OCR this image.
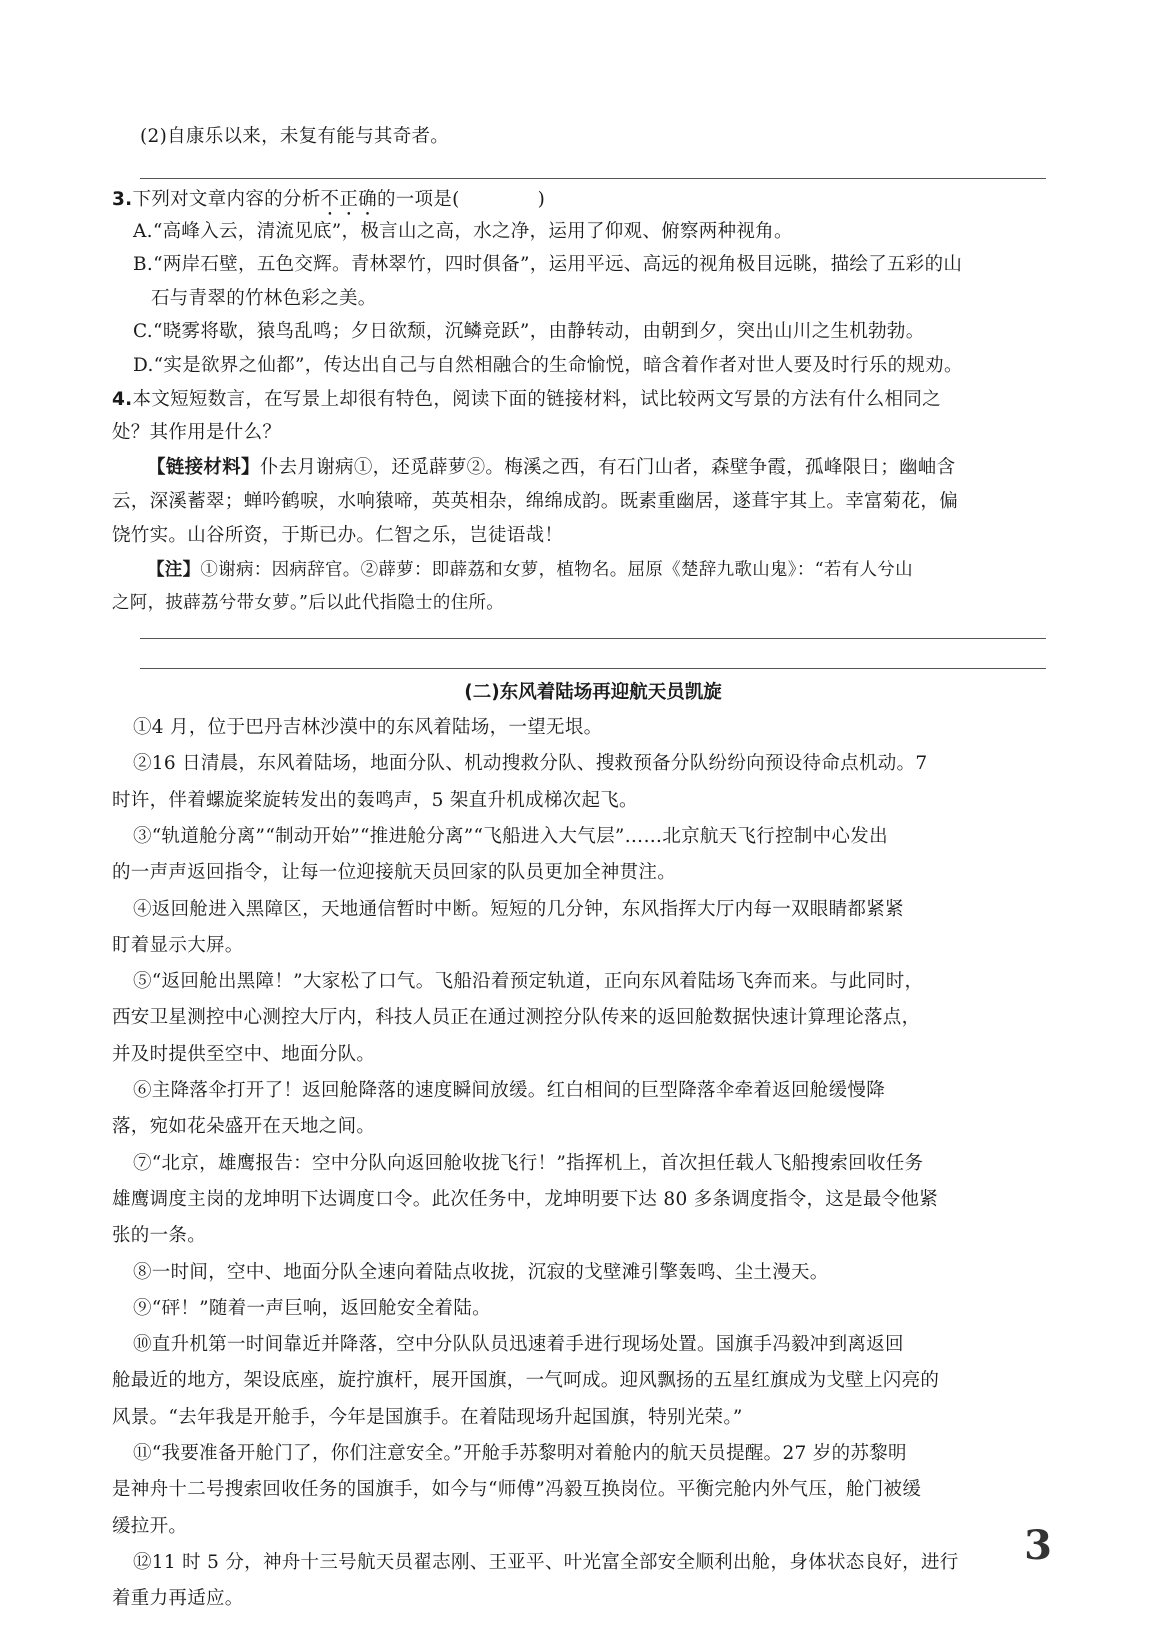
(2)自康乐以来，未复有能与其奇者。
3.下列对文章内容的分析不正确的一项是(	)
A.“高峰入云，清流见底”，极言山之高，水之净，运用了仰观、俯察两种视角。
B.“两岸石壁，五色交辉。青林翠竹，四时俱备”，运用平远、高远的视角极目远眺，描绘了五彩的山
石与青翠的竹林色彩之美。
C.“晓雾将歇，猿鸟乱鸣；夕日欲颓，沉鳞竞跃”，由静转动，由朝到夕，突出山川之生机勃勃。
D.“实是欲界之仙都”，传达出自己与自然相融合的生命愉悦，暗含着作者对世人要及时行乐的规劝。
4.本文短短数言，在写景上却很有特色，阅读下面的链接材料，试比较两文写景的方法有什么相同之
处？其作用是什么？
【链接材料】仆去月谢病①，还觅薜萝②。梅溪之西，有石门山者，森壁争霞，孤峰限日；幽岫含
云，深溪蓄翠；蝉吟鹤唳，水响猿啼，英英相杂，绵绵成韵。既素重幽居，遂葺宇其上。幸富菊花，偏
饶竹实。山谷所资，于斯已办。仁智之乐，岂徒语哉！
【注】①谢病：因病辞官。②薜萝：即薜荔和女萝，植物名。屈原《楚辞九歌山鬼》：“若有人兮山
之阿，披薜荔兮带女萝。”后以此代指隐士的住所。
(二)东风着陆场再迎航天员凯旋
①4 月，位于巴丹吉林沙漠中的东风着陆场，一望无垠。
②16 日清晨，东风着陆场，地面分队、机动搜救分队、搜救预备分队纷纷向预设待命点机动。7
时许，伴着螺旋桨旋转发出的轰鸣声，5 架直升机成梯次起飞。
③“轨道舱分离”“制动开始”“推进舱分离”“飞船进入大气层”……北京航天飞行控制中心发出
的一声声返回指令，让每一位迎接航天员回家的队员更加全神贯注。
④返回舱进入黑障区，天地通信暂时中断。短短的几分钟，东风指挥大厅内每一双眼睛都紧紧
盯着显示大屏。
⑤“返回舱出黑障！”大家松了口气。飞船沿着预定轨道，正向东风着陆场飞奔而来。与此同时，
西安卫星测控中心测控大厅内，科技人员正在通过测控分队传来的返回舱数据快速计算理论落点，
并及时提供至空中、地面分队。
⑥主降落伞打开了！返回舱降落的速度瞬间放缓。红白相间的巨型降落伞牵着返回舱缓慢降
落，宛如花朵盛开在天地之间。
⑦“北京，雄鹰报告：空中分队向返回舱收拢飞行！”指挥机上，首次担任载人飞船搜索回收任务
雄鹰调度主岗的龙坤明下达调度口令。此次任务中，龙坤明要下达 80 多条调度指令，这是最令他紧
张的一条。
⑧一时间，空中、地面分队全速向着陆点收拢，沉寂的戈壁滩引擎轰鸣、尘土漫天。
⑨“砰！”随着一声巨响，返回舱安全着陆。
⑩直升机第一时间靠近并降落，空中分队队员迅速着手进行现场处置。国旗手冯毅冲到离返回
舱最近的地方，架设底座，旋拧旗杆，展开国旗，一气呵成。迎风飘扬的五星红旗成为戈壁上闪亮的
风景。“去年我是开舱手，今年是国旗手。在着陆现场升起国旗，特别光荣。”
⑪“我要准备开舱门了，你们注意安全。”开舱手苏黎明对着舱内的航天员提醒。27 岁的苏黎明
是神舟十二号搜索回收任务的国旗手，如今与“师傅”冯毅互换岗位。平衡完舱内外气压，舱门被缓
缓拉开。
⑫11 时 5 分，神舟十三号航天员翟志刚、王亚平、叶光富全部安全顺利出舱，身体状态良好，进行
着重力再适应。
3
